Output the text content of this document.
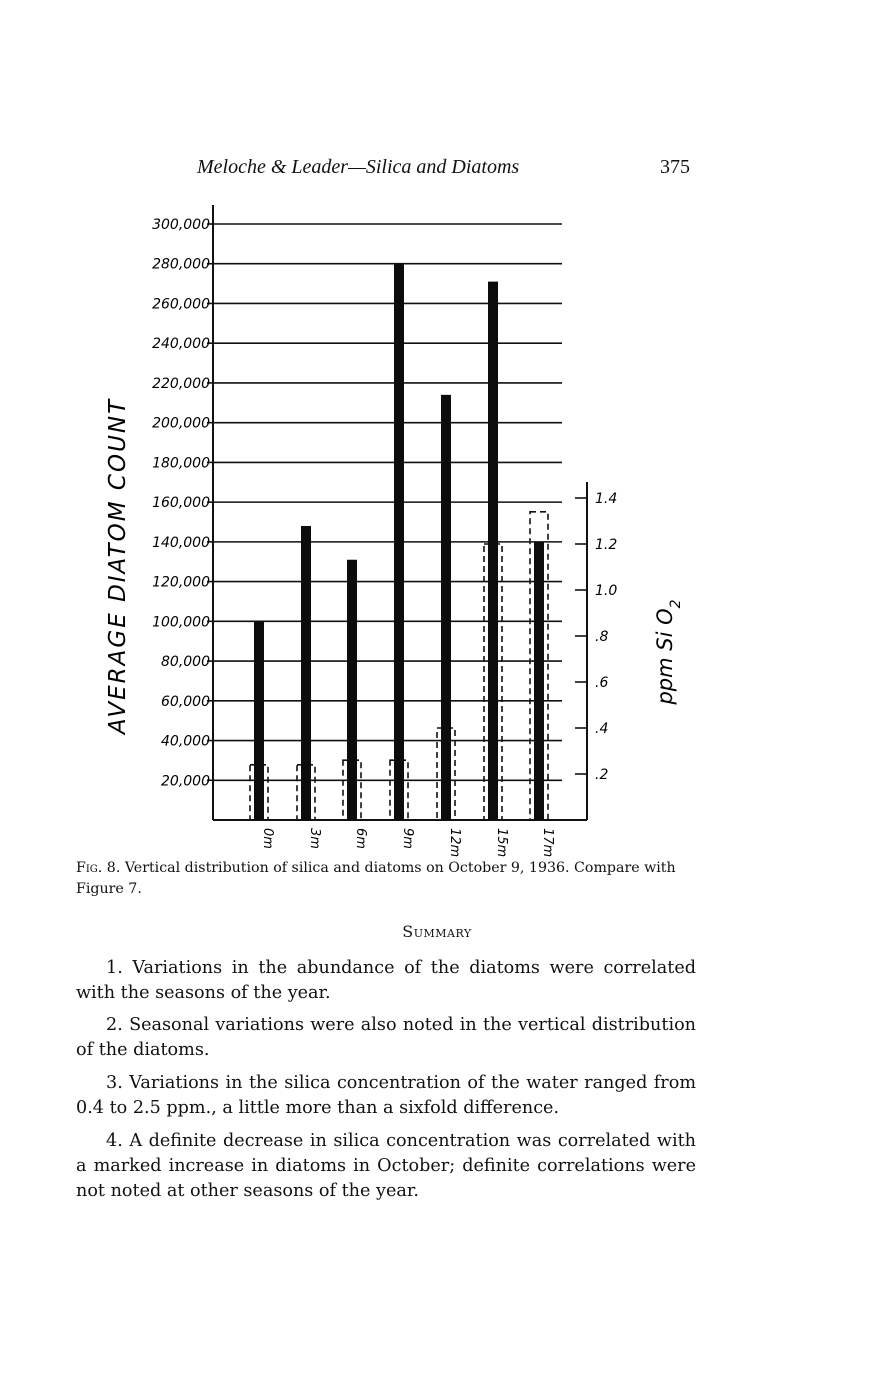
Meloche & Leader—Silica and Diatoms	375
20,000
40,000
60,000
80,000
100,000
120,000
140,000
160,000
180,000
200,000
220,000
240,000
260,000
280,000
300,000
.2
.4
.6
.8
1.0
1.2
1.4
0m 3m 6m 9m 12m 15m 17m
AVERAGE DIATOM COUNT	ppm Si $O_2$
Fig. 8. Vertical distribution of silica and diatoms on October 9, 1936. Compare with Figure 7.
Summary

1. Variations in the abundance of the diatoms were correlated with the seasons of the year.

2. Seasonal variations were also noted in the vertical distribution of the diatoms.

3. Variations in the silica concentration of the water ranged from 0.4 to 2.5 ppm., a little more than a sixfold difference.

4. A definite decrease in silica concentration was correlated with a marked increase in diatoms in October; definite correlations were not noted at other seasons of the year.
